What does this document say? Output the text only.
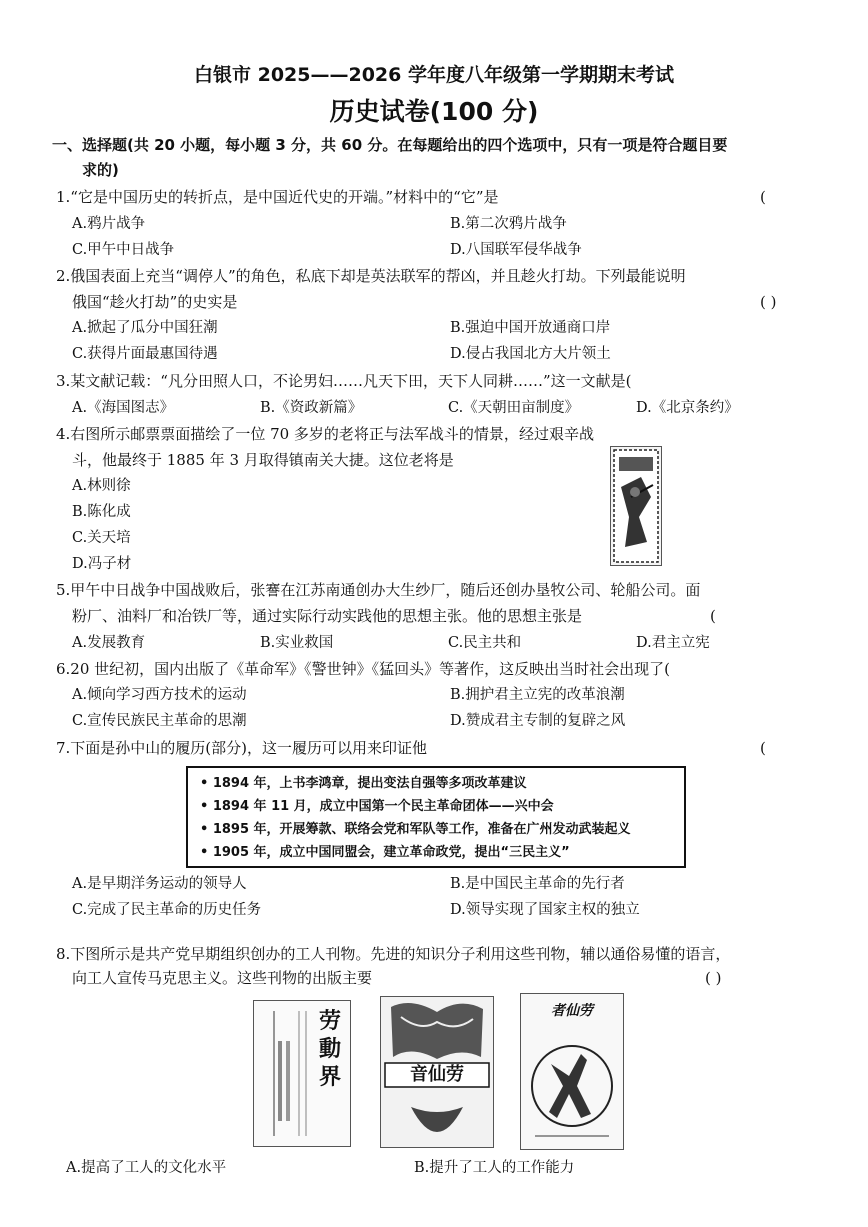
白银市 2025——2026 学年度八年级第一学期期末考试
历史试卷(100 分)
一、选择题(共 20 小题，每小题 3 分，共 60 分。在每题给出的四个选项中，只有一项是符合题目要
求的)
1.“它是中国历史的转折点，是中国近代史的开端。”材料中的“它”是	(
A.鸦片战争	B.第二次鸦片战争
C.甲午中日战争	D.八国联军侵华战争
2.俄国表面上充当“调停人”的角色，私底下却是英法联军的帮凶，并且趁火打劫。下列最能说明
俄国“趁火打劫”的史实是	( )
A.掀起了瓜分中国狂潮	B.强迫中国开放通商口岸
C.获得片面最惠国待遇	D.侵占我国北方大片领土
3.某文献记载：“凡分田照人口，不论男妇……凡天下田，天下人同耕……”这一文献是(
A.《海国图志》	B.《资政新篇》	C.《天朝田亩制度》	D.《北京条约》
4.右图所示邮票票面描绘了一位 70 多岁的老将正与法军战斗的情景，经过艰辛战
斗，他最终于 1885 年 3 月取得镇南关大捷。这位老将是
A.林则徐
B.陈化成
C.关天培
D.冯子材
5.甲午中日战争中国战败后，张謇在江苏南通创办大生纱厂，随后还创办垦牧公司、轮船公司。面
粉厂、油料厂和冶铁厂等，通过实际行动实践他的思想主张。他的思想主张是	(
A.发展教育	B.实业救国	C.民主共和	D.君主立宪
6.20 世纪初，国内出版了《革命军》《警世钟》《猛回头》等著作，这反映出当时社会出现了(
A.倾向学习西方技术的运动	B.拥护君主立宪的改革浪潮
C.宣传民族民主革命的思潮	D.赞成君主专制的复辟之风
7.下面是孙中山的履历(部分)，这一履历可以用来印证他	(
• 1894 年，上书李鸿章，提出变法自强等多项改革建议
• 1894 年 11 月，成立中国第一个民主革命团体——兴中会
• 1895 年，开展筹款、联络会党和军队等工作，准备在广州发动武装起义
• 1905 年，成立中国同盟会，建立革命政党，提出“三民主义”
A.是早期洋务运动的领导人	B.是中国民主革命的先行者
C.完成了民主革命的历史任务	D.领导实现了国家主权的独立
8.下图所示是共产党早期组织创办的工人刊物。先进的知识分子利用这些刊物，辅以通俗易懂的语言，
向工人宣传马克思主义。这些刊物的出版主要	( )
劳動界	音仙劳
者仙劳
A.提高了工人的文化水平	B.提升了工人的工作能力
